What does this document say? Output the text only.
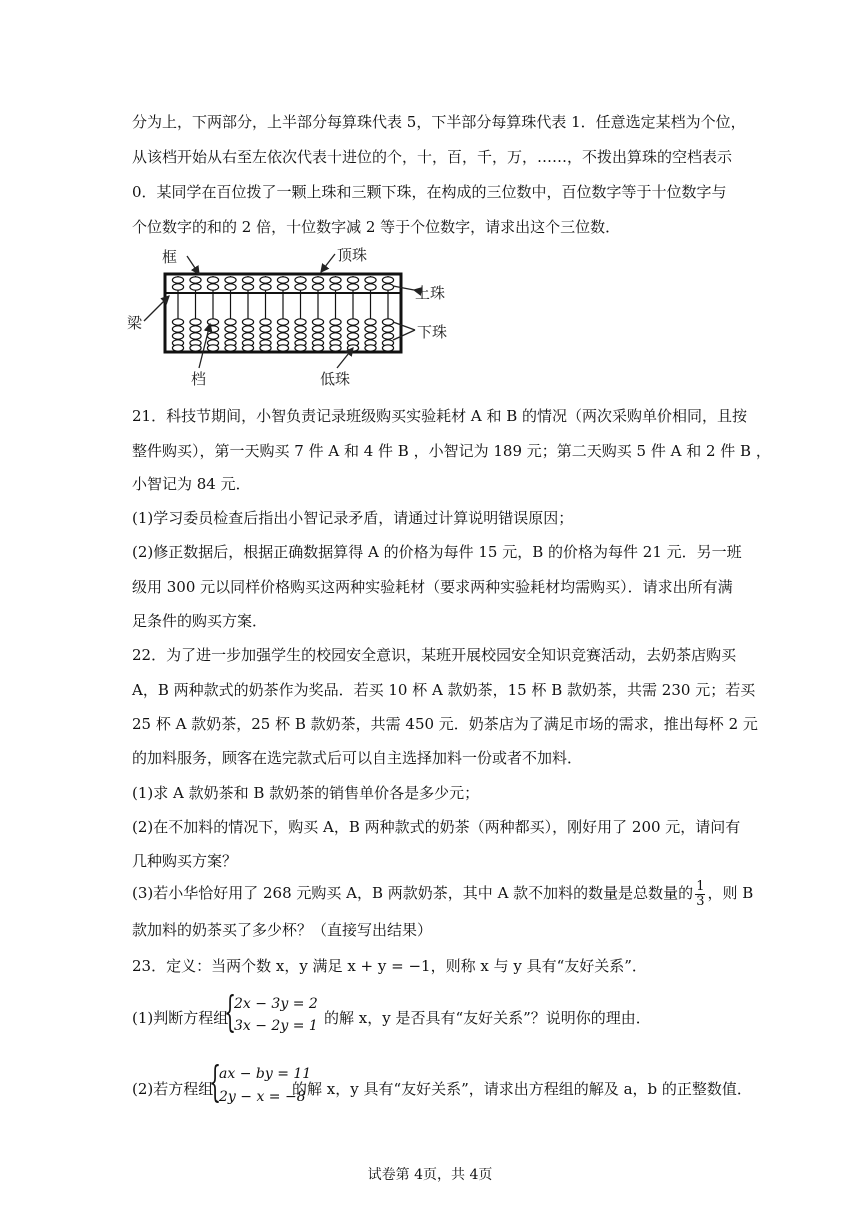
分为上，下两部分，上半部分每算珠代表 5，下半部分每算珠代表 1．任意选定某档为个位，
从该档开始从右至左依次代表十进位的个，十，百，千，万，……，不拨出算珠的空档表示
0．某同学在百位拨了一颗上珠和三颗下珠，在构成的三位数中，百位数字等于十位数字与
个位数字的和的 2 倍，十位数字减 2 等于个位数字，请求出这个三位数．
框	顶珠
上珠
梁	下珠
档	低珠
21．科技节期间，小智负责记录班级购买实验耗材 A 和 B 的情况（两次采购单价相同，且按
整件购买），第一天购买 7 件 A 和 4 件 B ，小智记为 189 元；第二天购买 5 件 A 和 2 件 B ，
小智记为 84 元．
(1)学习委员检查后指出小智记录矛盾，请通过计算说明错误原因；
(2)修正数据后，根据正确数据算得 A 的价格为每件 15 元，B 的价格为每件 21 元．另一班
级用 300 元以同样价格购买这两种实验耗材（要求两种实验耗材均需购买）．请求出所有满
足条件的购买方案．
22．为了进一步加强学生的校园安全意识，某班开展校园安全知识竞赛活动，去奶茶店购买
A，B 两种款式的奶茶作为奖品．若买 10 杯 A 款奶茶，15 杯 B 款奶茶，共需 230 元；若买
25 杯 A 款奶茶，25 杯 B 款奶茶，共需 450 元．奶茶店为了满足市场的需求，推出每杯 2 元
的加料服务，顾客在选完款式后可以自主选择加料一份或者不加料．
(1)求 A 款奶茶和 B 款奶茶的销售单价各是多少元；
(2)在不加料的情况下，购买 A，B 两种款式的奶茶（两种都买），刚好用了 200 元，请问有
几种购买方案？
(3)若小华恰好用了 268 元购买 A，B 两款奶茶，其中 A 款不加料的数量是总数量的 $\frac{1}{3}$ ，则 B
款加料的奶茶买了多少杯？（直接写出结果）
23．定义：当两个数 x，y 满足 x + y = −1，则称 x 与 y 具有“友好关系”．
(1)判断方程组
{
2x − 3y = 2
3x − 2y = 1 的解 x，y 是否具有“友好关系”？说明你的理由．
(2)若方程组
{
ax − by = 11
2y − x = −8
的解 x，y 具有“友好关系”，请求出方程组的解及 a，b 的正整数值．
试卷第 4页，共 4页
